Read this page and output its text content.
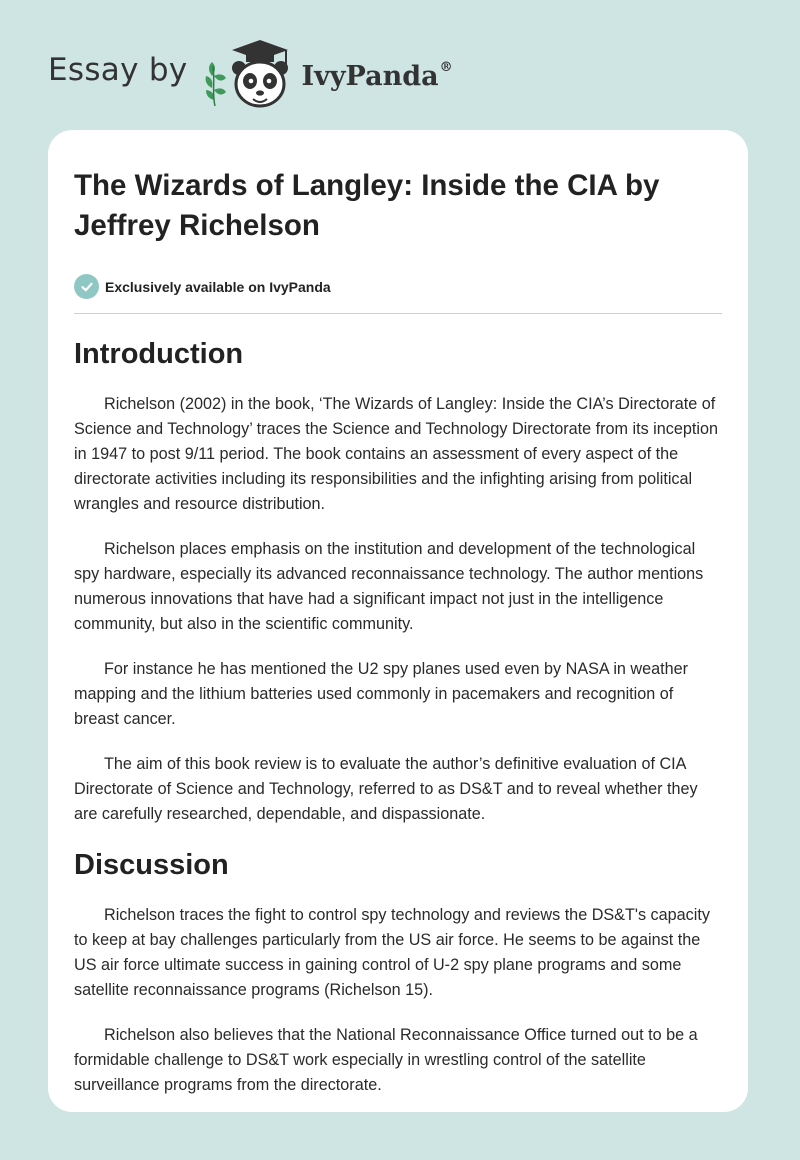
Essay by	IvyPanda®
The Wizards of Langley: Inside the CIA by Jeffrey Richelson
Exclusively available on IvyPanda
Introduction

Richelson (2002) in the book, ‘The Wizards of Langley: Inside the CIA’s Directorate of Science and Technology’ traces the Science and Technology Directorate from its inception in 1947 to post 9/11 period. The book contains an assessment of every aspect of the directorate activities including its responsibilities and the infighting arising from political wrangles and resource distribution.

Richelson places emphasis on the institution and development of the technological spy hardware, especially its advanced reconnaissance technology. The author mentions numerous innovations that have had a significant impact not just in the intelligence community, but also in the scientific community.

For instance he has mentioned the U2 spy planes used even by NASA in weather mapping and the lithium batteries used commonly in pacemakers and recognition of breast cancer.

The aim of this book review is to evaluate the author’s definitive evaluation of CIA Directorate of Science and Technology, referred to as DS&T and to reveal whether they are carefully researched, dependable, and dispassionate.

Discussion

Richelson traces the fight to control spy technology and reviews the DS&T's capacity to keep at bay challenges particularly from the US air force. He seems to be against the US air force ultimate success in gaining control of U-2 spy plane programs and some satellite reconnaissance programs (Richelson 15).

Richelson also believes that the National Reconnaissance Office turned out to be a formidable challenge to DS&T work especially in wrestling control of the satellite surveillance programs from the directorate.
